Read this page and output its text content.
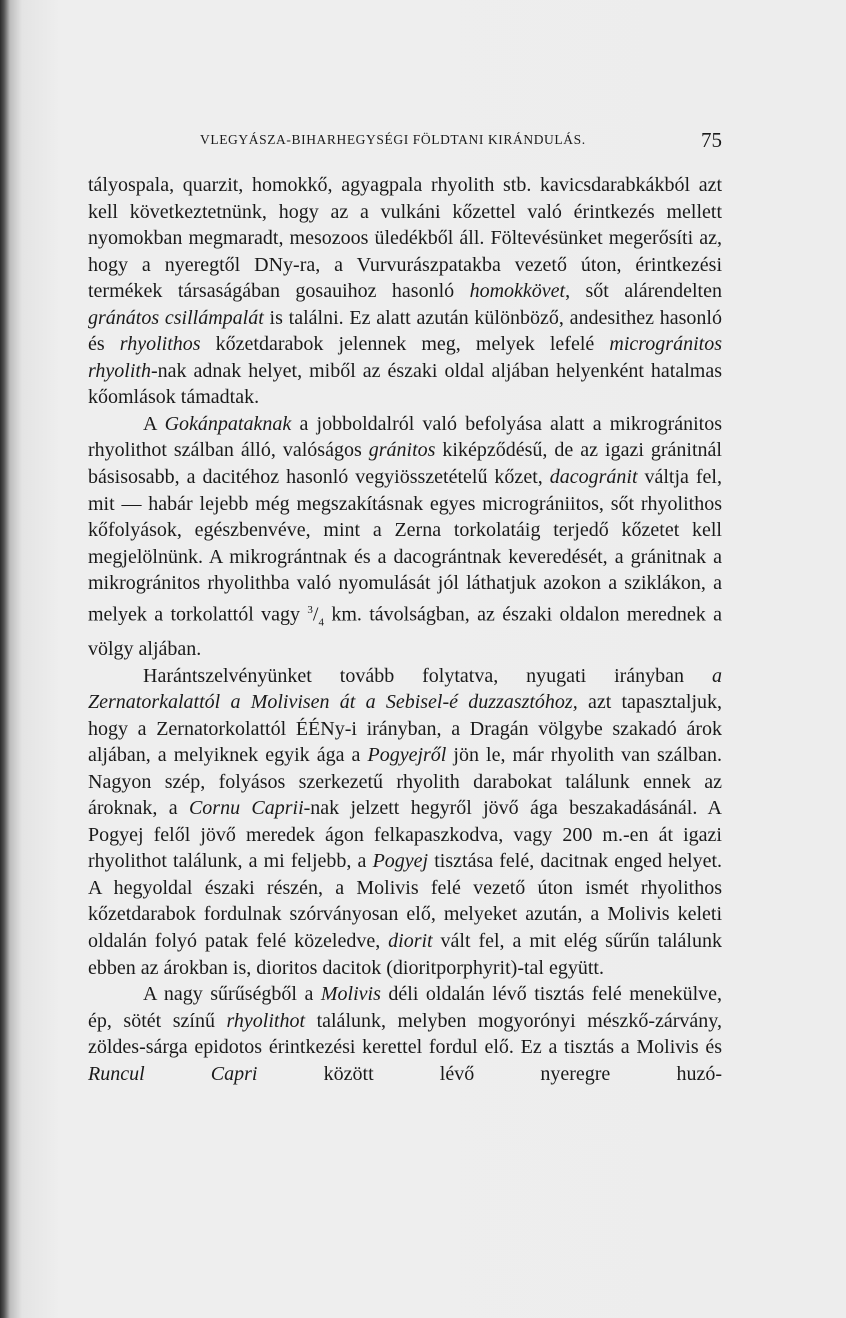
VLEGYÁSZA-BIHARHEGYSÉGI FÖLDTANI KIRÁNDULÁS.	75

tályospala, quarzit, homokkő, agyagpala rhyolith stb. kavicsdarabkákból azt kell következtetnünk, hogy az a vulkáni kőzettel való érintkezés mellett nyomokban megmaradt, mesozoos üledékből áll. Föltevésünket megerősíti az, hogy a nyeregtől DNy-ra, a Vurvurászpatakba vezető úton, érintkezési termékek társaságában gosauihoz hasonló homokkövet, sőt alárendelten gránátos csillámpalát is találni. Ez alatt azután különböző, andesithez hasonló és rhyolithos kőzetdarabok jelennek meg, melyek lefelé microgránitos rhyolith-nak adnak helyet, miből az északi oldal aljában helyenként hatalmas kőomlások támadtak.

A Gokánpataknak a jobboldalról való befolyása alatt a mikrogránitos rhyolithot szálban álló, valóságos gránitos kiképződésű, de az igazi gránitnál básisosabb, a dacitéhoz hasonló vegyiösszetételű kőzet, dacogránit váltja fel, mit — habár lejebb még megszakításnak egyes micrográniitos, sőt rhyolithos kőfolyások, egészbenvéve, mint a Zerna torkolatáig terjedő kőzetet kell megjelölnünk. A mikrográntnak és a dacográntnak keveredését, a gránitnak a mikrogránitos rhyolithba való nyomulását jól láthatjuk azokon a sziklákon, a melyek a torkolattól vagy $^3/_4$ km. távolságban, az északi oldalon merednek a völgy aljában.

Harántszelvényünket tovább folytatva, nyugati irányban a Zernatorkalattól a Molivisen át a Sebisel-é duzzasztóhoz, azt tapasztaljuk, hogy a Zernatorkolattól ÉÉNy-i irányban, a Dragán völgybe szakadó árok aljában, a melyiknek egyik ága a Pogyejről jön le, már rhyolith van szálban. Nagyon szép, folyásos szerkezetű rhyolith darabokat találunk ennek az ároknak, a Cornu Caprii-nak jelzett hegyről jövő ága beszakadásánál. A Pogyej felől jövő meredek ágon felkapaszkodva, vagy 200 m.-en át igazi rhyolithot találunk, a mi feljebb, a Pogyej tisztása felé, dacitnak enged helyet. A hegyoldal északi részén, a Molivis felé vezető úton ismét rhyolithos kőzetdarabok fordulnak szórványosan elő, melyeket azután, a Molivis keleti oldalán folyó patak felé közeledve, diorit vált fel, a mit elég sűrűn találunk ebben az árokban is, dioritos dacitok (dioritporphyrit)-tal együtt.

A nagy sűrűségből a Molivis déli oldalán lévő tisztás felé menekülve, ép, sötét színű rhyolithot találunk, melyben mogyorónyi mészkő-zárvány, zöldes-sárga epidotos érintkezési kerettel fordul elő. Ez a tisztás a Molivis és Runcul Capri között lévő nyeregre huzó-
